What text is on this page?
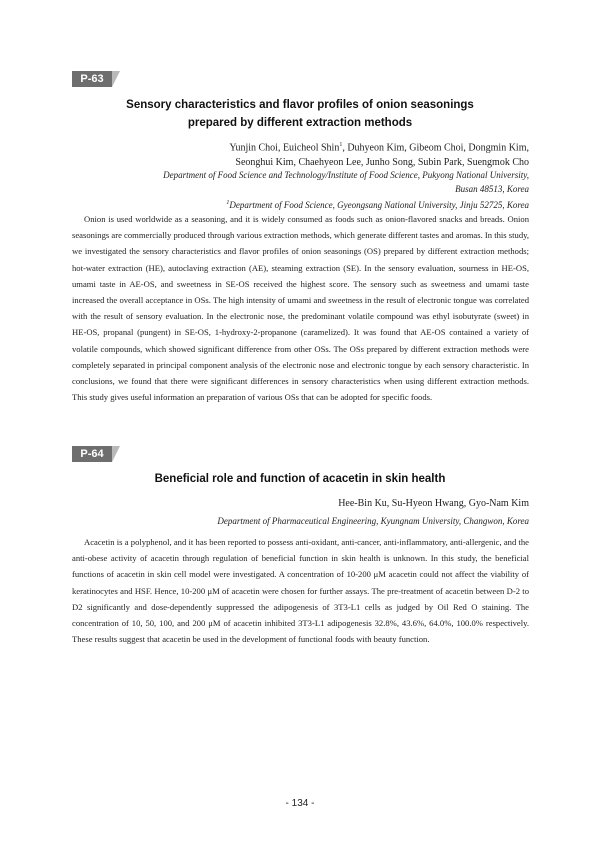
P-63
Sensory characteristics and flavor profiles of onion seasonings
prepared by different extraction methods
Yunjin Choi, Euicheol Shin$^1$, Duhyeon Kim, Gibeom Choi, Dongmin Kim,
Seonghui Kim, Chaehyeon Lee, Junho Song, Subin Park, Suengmok Cho
Department of Food Science and Technology/Institute of Food Science, Pukyong National University,
Busan 48513, Korea
$^1$Department of Food Science, Gyeongsang National University, Jinju 52725, Korea

Onion is used worldwide as a seasoning, and it is widely consumed as foods such as onion-flavored snacks and breads. Onion seasonings are commercially produced through various extraction methods, which generate different tastes and aromas. In this study, we investigated the sensory characteristics and flavor profiles of onion seasonings (OS) prepared by different extraction methods; hot-water extraction (HE), autoclaving extraction (AE), steaming extraction (SE). In the sensory evaluation, sourness in HE-OS, umami taste in AE-OS, and sweetness in SE-OS received the highest score. The sensory such as sweetness and umami taste increased the overall acceptance in OSs. The high intensity of umami and sweetness in the result of electronic tongue was correlated with the result of sensory evaluation. In the electronic nose, the predominant volatile compound was ethyl isobutyrate (sweet) in HE-OS, propanal (pungent) in SE-OS, 1-hydroxy-2-propanone (caramelized). It was found that AE-OS contained a variety of volatile compounds, which showed significant difference from other OSs. The OSs prepared by different extraction methods were completely separated in principal component analysis of the electronic nose and electronic tongue by each sensory characteristic. In conclusions, we found that there were significant differences in sensory characteristics when using different extraction methods. This study gives useful information an preparation of various OSs that can be adopted for specific foods.

P-64
Beneficial role and function of acacetin in skin health
Hee-Bin Ku, Su-Hyeon Hwang, Gyo-Nam Kim
Department of Pharmaceutical Engineering, Kyungnam University, Changwon, Korea

Acacetin is a polyphenol, and it has been reported to possess anti-oxidant, anti-cancer, anti-inflammatory, anti-allergenic, and the anti-obese activity of acacetin through regulation of beneficial function in skin health is unknown. In this study, the beneficial functions of acacetin in skin cell model were investigated. A concentration of 10-200 μM acacetin could not affect the viability of keratinocytes and HSF. Hence, 10-200 μM of acacetin were chosen for further assays. The pre-treatment of acacetin between D-2 to D2 significantly and dose-dependently suppressed the adipogenesis of 3T3-L1 cells as judged by Oil Red O staining. The concentration of 10, 50, 100, and 200 μM of acacetin inhibited 3T3-L1 adipogenesis 32.8%, 43.6%, 64.0%, 100.0% respectively. These results suggest that acacetin be used in the development of functional foods with beauty function.

- 134 -
